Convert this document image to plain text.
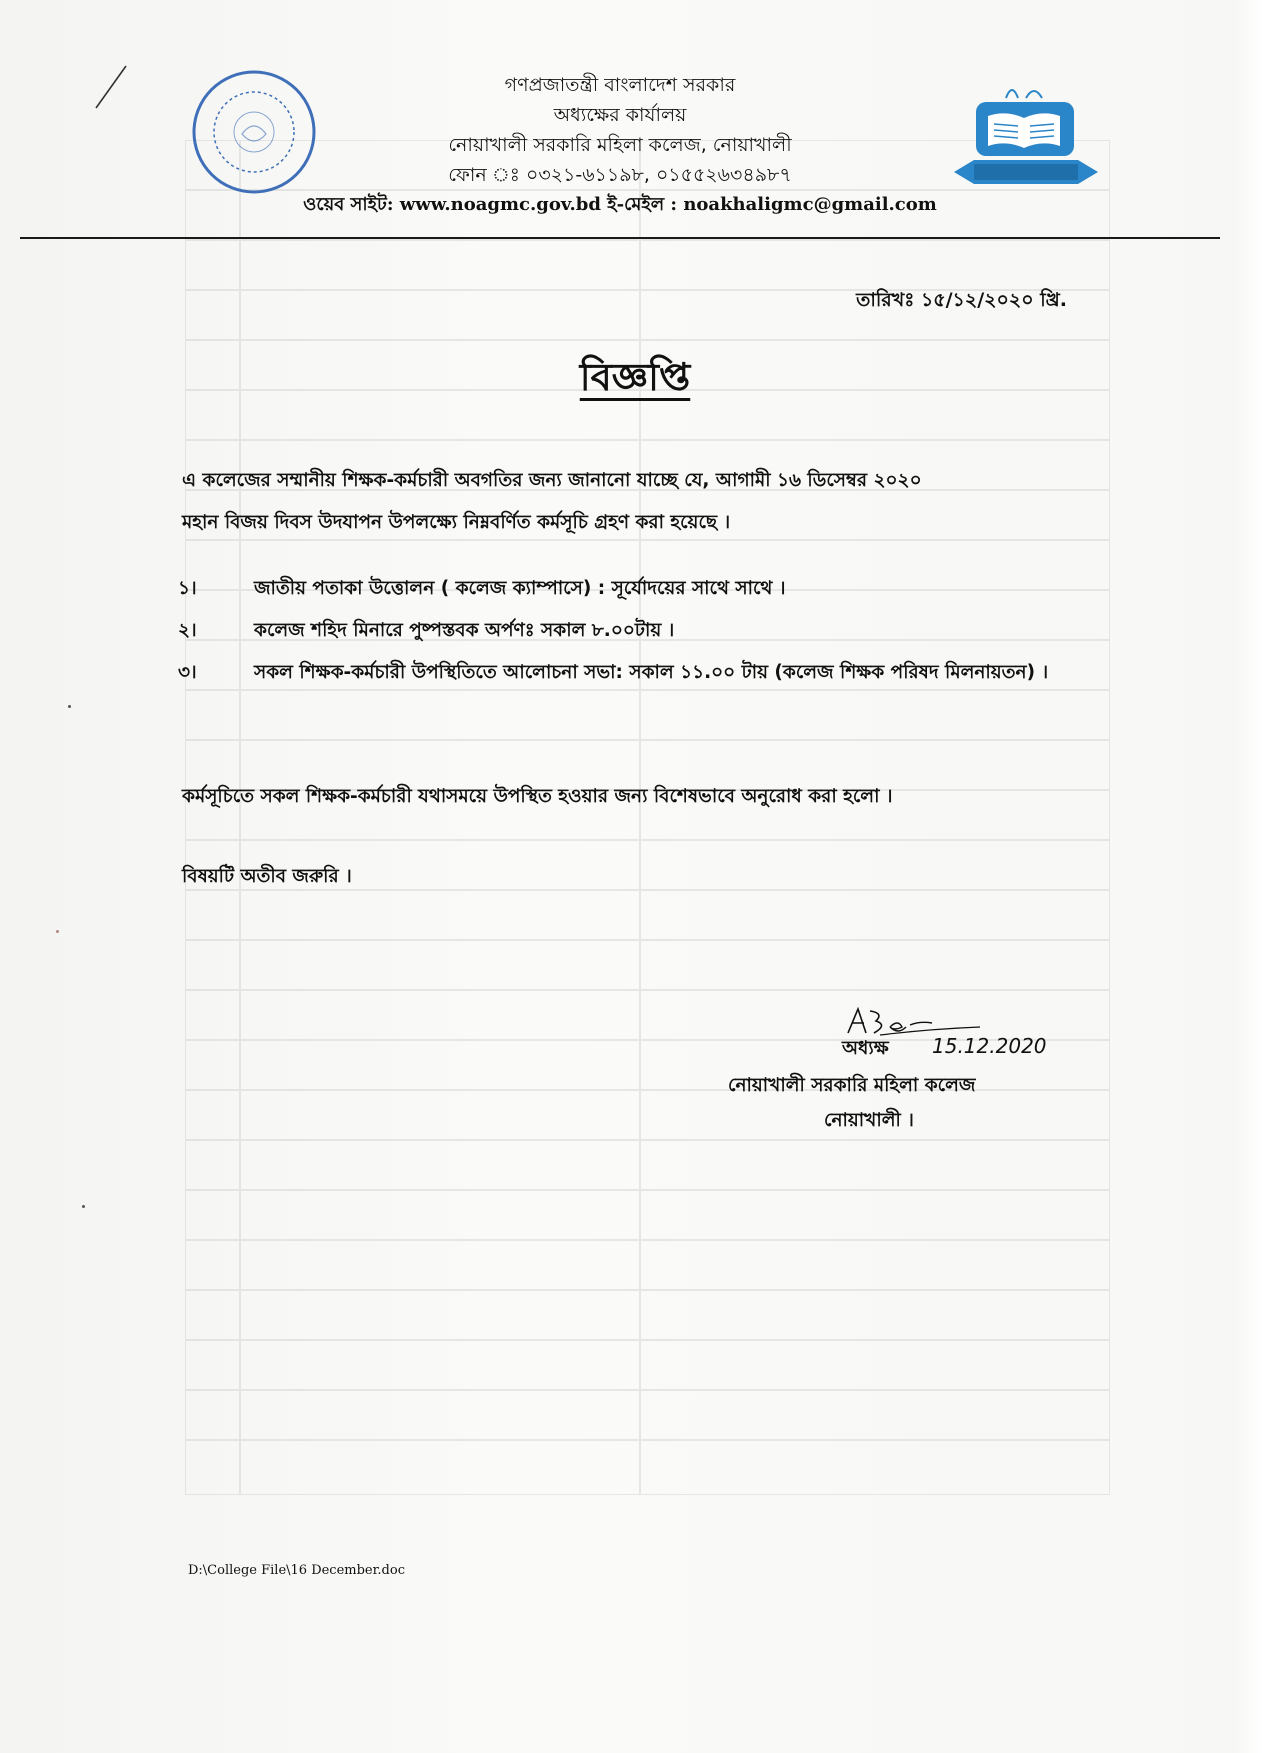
গণপ্রজাতন্ত্রী বাংলাদেশ সরকার
অধ্যক্ষের কার্যালয়
নোয়াখালী সরকারি মহিলা কলেজ, নোয়াখালী
ফোন ঃ ০৩২১-৬১১৯৮, ০১৫৫২৬৩৪৯৮৭
ওয়েব সাইট: www.noagmc.gov.bd ই-মেইল : noakhaligmc@gmail.com
তারিখঃ ১৫/১২/২০২০ খ্রি.
বিজ্ঞপ্তি
এ কলেজের সম্মানীয় শিক্ষক-কর্মচারী অবগতির জন্য জানানো যাচ্ছে যে, আগামী ১৬ ডিসেম্বর ২০২০
মহান বিজয় দিবস উদযাপন উপলক্ষ্যে নিম্নবর্ণিত কর্মসূচি গ্রহণ করা হয়েছে ।
১।	জাতীয় পতাকা উত্তোলন ( কলেজ ক্যাম্পাসে) : সূর্যোদয়ের সাথে সাথে ।
২।	কলেজ শহিদ মিনারে পুষ্পস্তবক অর্পণঃ সকাল ৮.০০টায় ।
৩।	সকল শিক্ষক-কর্মচারী উপস্থিতিতে আলোচনা সভা: সকাল ১১.০০ টায় (কলেজ শিক্ষক পরিষদ মিলনায়তন) ।
কর্মসূচিতে সকল শিক্ষক-কর্মচারী যথাসময়ে উপস্থিত হওয়ার জন্য বিশেষভাবে অনুরোধ করা হলো ।
বিষয়টি অতীব জরুরি ।
15.12.2020
অধ্যক্ষ
নোয়াখালী সরকারি মহিলা কলেজ
নোয়াখালী ।
D:\College File\16 December.doc
